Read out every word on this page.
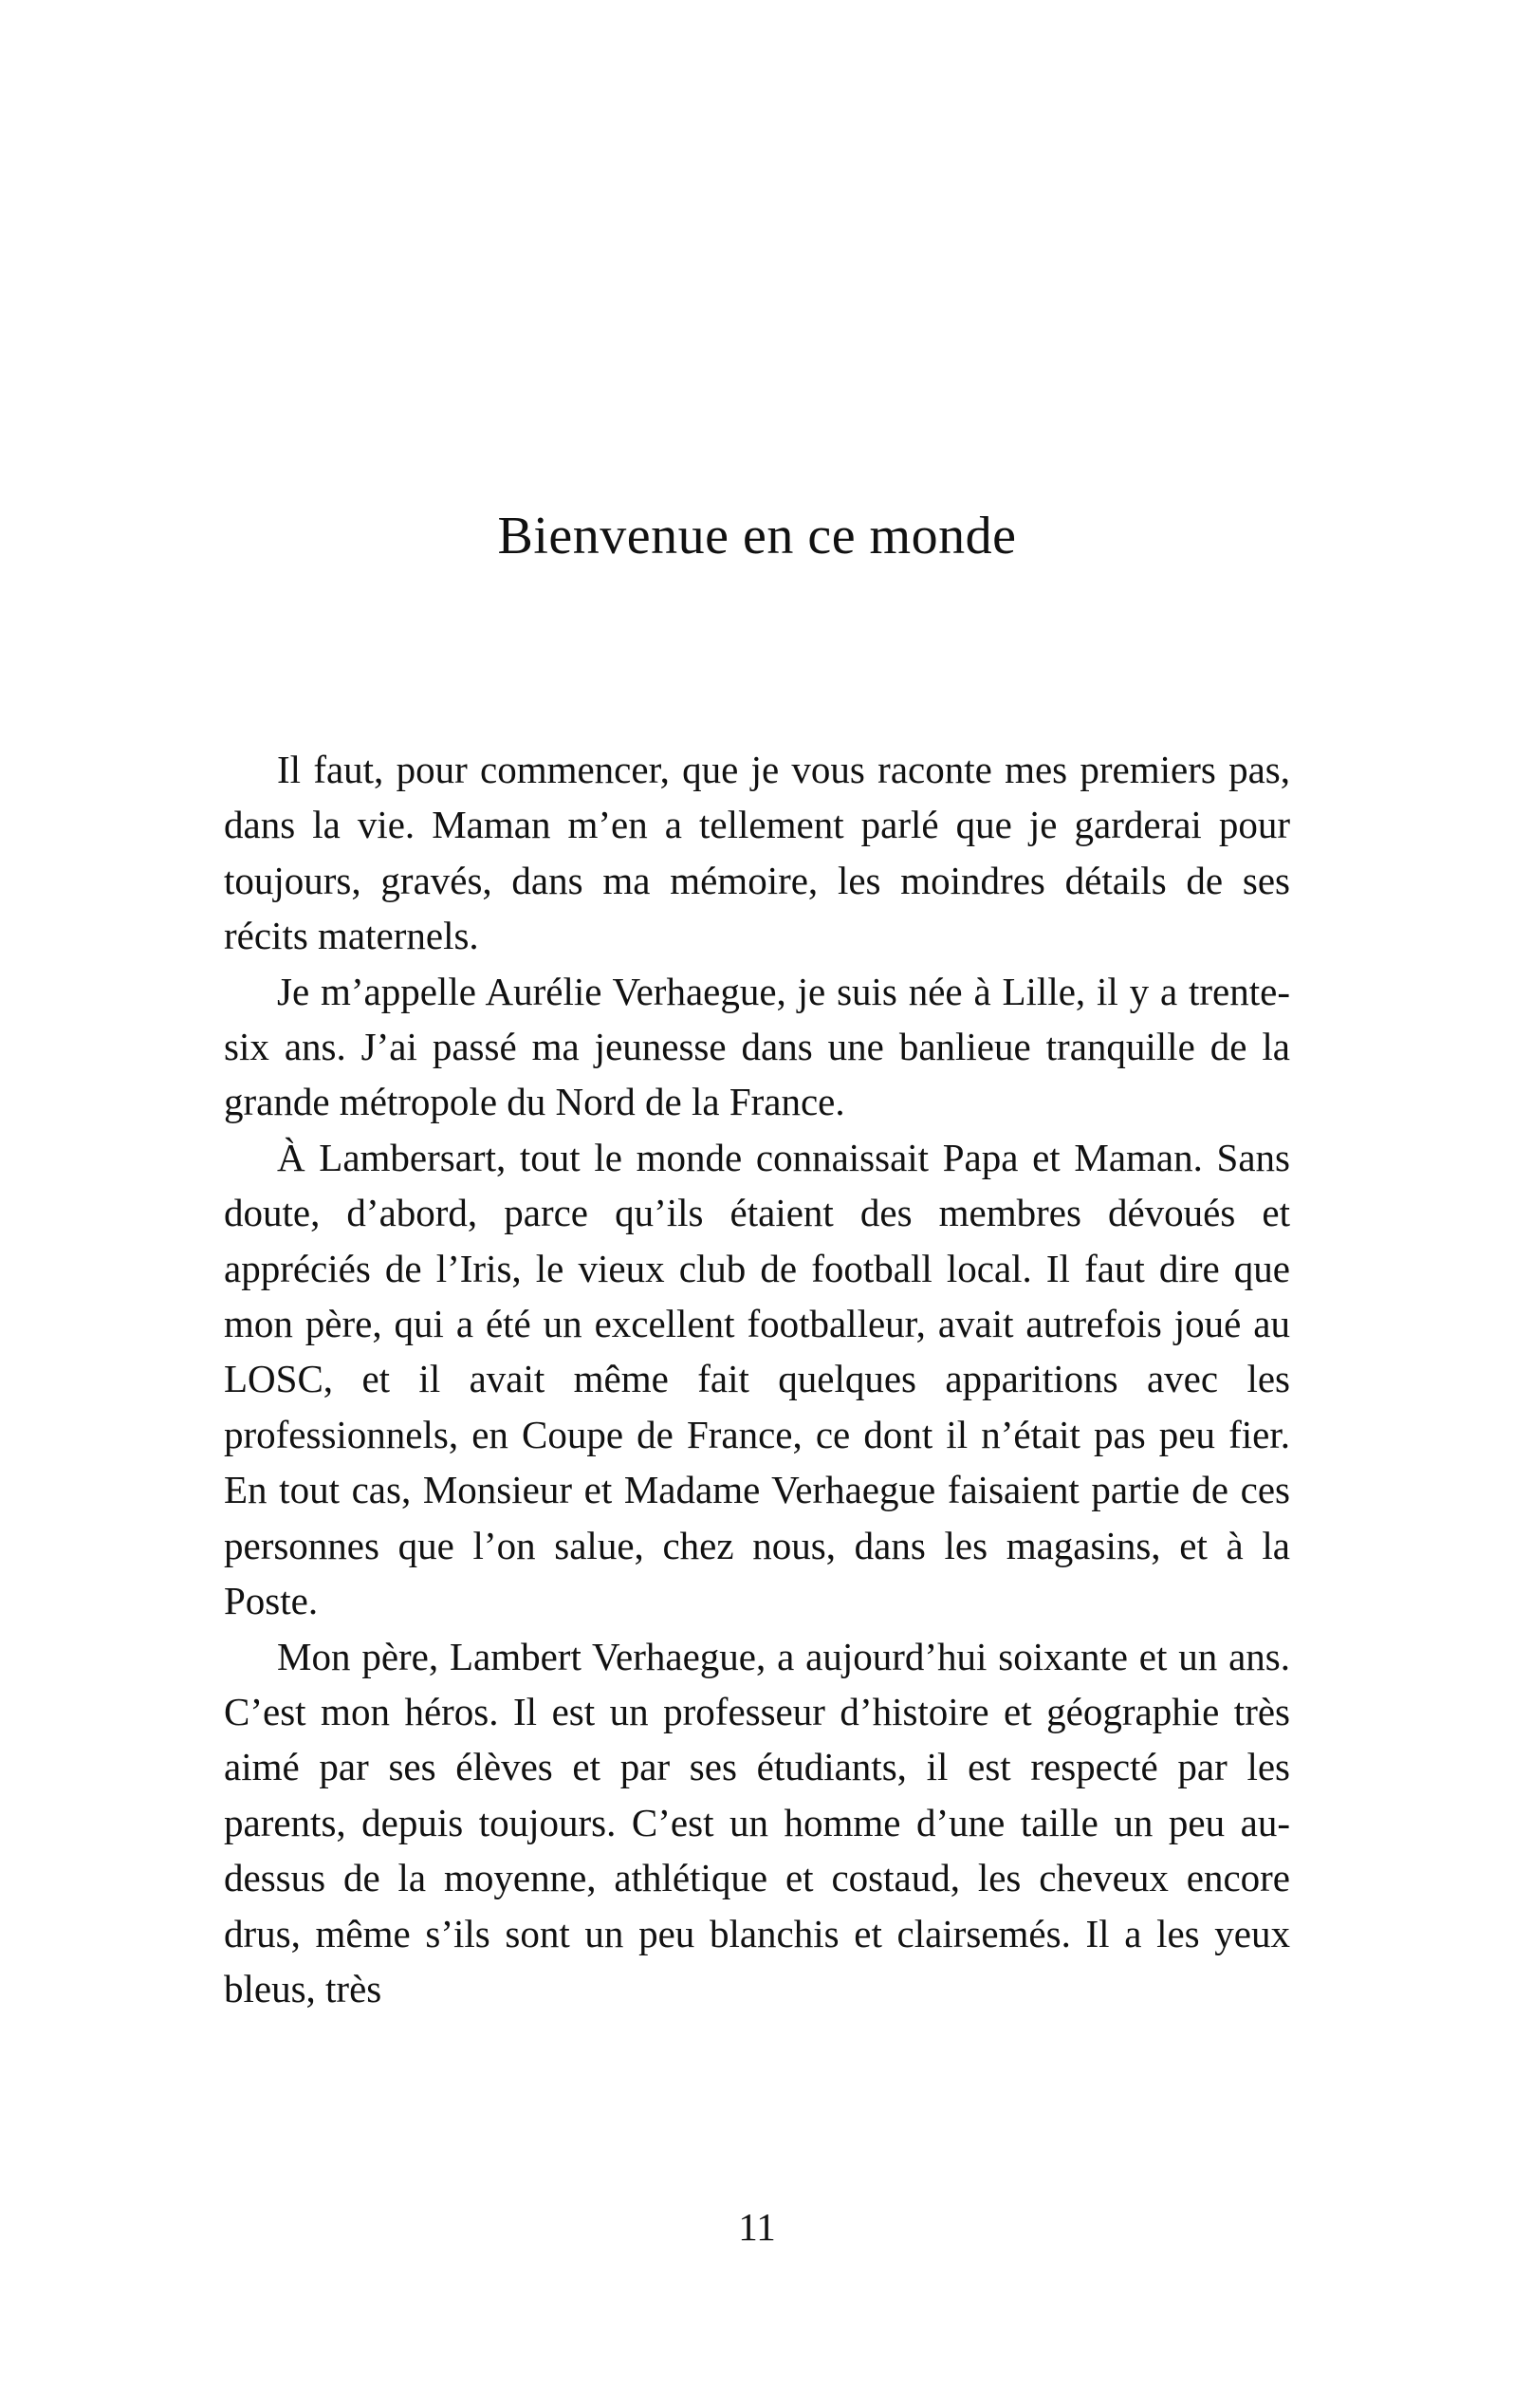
Bienvenue en ce monde

Il faut, pour commencer, que je vous raconte mes premiers pas, dans la vie. Maman m’en a tellement parlé que je garderai pour toujours, gravés, dans ma mémoire, les moindres détails de ses récits maternels.

Je m’appelle Aurélie Verhaegue, je suis née à Lille, il y a trente-six ans. J’ai passé ma jeunesse dans une banlieue tranquille de la grande métropole du Nord de la France.

À Lambersart, tout le monde connaissait Papa et Maman. Sans doute, d’abord, parce qu’ils étaient des membres dévoués et appréciés de l’Iris, le vieux club de football local. Il faut dire que mon père, qui a été un excellent footballeur, avait autrefois joué au LOSC, et il avait même fait quelques apparitions avec les professionnels, en Coupe de France, ce dont il n’était pas peu fier. En tout cas, Monsieur et Madame Verhaegue faisaient partie de ces personnes que l’on salue, chez nous, dans les magasins, et à la Poste.

Mon père, Lambert Verhaegue, a aujourd’hui soixante et un ans. C’est mon héros. Il est un professeur d’histoire et géographie très aimé par ses élèves et par ses étudiants, il est respecté par les parents, depuis toujours. C’est un homme d’une taille un peu au-dessus de la moyenne, athlétique et costaud, les cheveux encore drus, même s’ils sont un peu blanchis et clairsemés. Il a les yeux bleus, très

11
